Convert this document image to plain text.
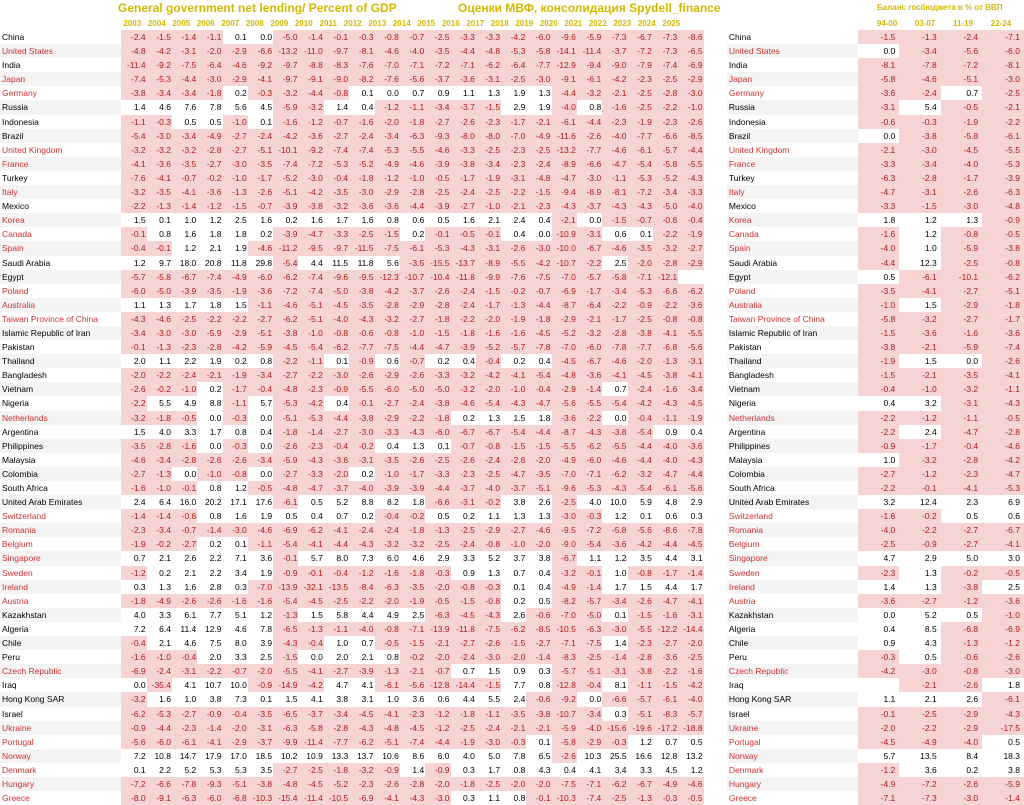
General government net lending/ Percent of GDP	Оценки МВФ, консолидация Spydell_finance	Баланс госбюджета в % от ВВП
2003 2004 2005 2006 2007 2008 2009 2010 2011 2012 2013 2014 2015 2016 2017 2018 2019 2020 2021 2022 2023 2024 2025	94-00	03-07	11-19	22-24
China	-2.4	-1.5	-1.4	-1.1	0.1	0.0	-5.0	-1.4	-0.1	-0.3	-0.8	-0.7	-2.5	-3.3	-3.3	-4.2	-6.0	-9.6	-5.9	-7.3	-6.7	-7.3	-8.6		China	-1.5	-1.3	-2.4	-7.1
United States	-4.8	-4.2	-3.1	-2.0	-2.9	-6.6	-13.2	-11.0	-9.7	-8.1	-4.6	-4.0	-3.5	-4.4	-4.8	-5.3	-5.8	-14.1	-11.4	-3.7	-7.2	-7.3	-6.5		United States	0.0	-3.4	-5.6	-6.0
India	-11.4	-9.2	-7.5	-6.4	-4.6	-9.2	-9.7	-8.8	-8.3	-7.6	-7.0	-7.1	-7.2	-7.1	-6.2	-6.4	-7.7	-12.9	-9.4	-9.0	-7.9	-7.4	-6.9		India	-8.1	-7.8	-7.2	-8.1
Japan	-7.4	-5.3	-4.4	-3.0	-2.9	-4.1	-9.7	-9.1	-9.0	-8.2	-7.6	-5.6	-3.7	-3.6	-3.1	-2.5	-3.0	-9.1	-6.1	-4.2	-2.3	-2.5	-2.9		Japan	-5.8	-4.6	-5.1	-3.0
Germany	-3.8	-3.4	-3.4	-1.8	0.2	-0.3	-3.2	-4.4	-0.8	0.1	0.0	0.7	0.9	1.1	1.3	1.9	1.3	-4.4	-3.2	-2.1	-2.5	-2.8	-3.0		Germany	-3.6	-2.4	0.7	-2.5
Russia	1.4	4.6	7.6	7.8	5.6	4.5	-5.9	-3.2	1.4	0.4	-1.2	-1.1	-3.4	-3.7	-1.5	2.9	1.9	-4.0	0.8	-1.6	-2.5	-2.2	-1.0		Russia	-3.1	5.4	-0.5	-2.1
Indonesia	-1.1	-0.3	0.5	0.5	-1.0	0.1	-1.6	-1.2	-0.7	-1.6	-2.0	-1.8	-2.7	-2.6	-2.3	-1.7	-2.1	-6.1	-4.4	-2.3	-1.9	-2.3	-2.6		Indonesia	-0.6	-0.3	-1.9	-2.2
Brazil	-5.4	-3.0	-3.4	-4.9	-2.7	-2.4	-4.2	-3.6	-2.7	-2.4	-3.4	-6.3	-9.3	-8.0	-8.0	-7.0	-4.9	-11.6	-2.6	-4.0	-7.7	-6.6	-8.5		Brazil	0.0	-3.8	-5.8	-6.1
United Kingdom	-3.2	-3.2	-3.2	-2.8	-2.7	-5.1	-10.1	-9.2	-7.4	-7.4	-5.3	-5.5	-4.6	-3.3	-2.5	-2.3	-2.5	-13.2	-7.7	-4.6	-6.1	-5.7	-4.4		United Kingdom	-2.1	-3.0	-4.5	-5.5
France	-4.1	-3.6	-3.5	-2.7	-3.0	-3.5	-7.4	-7.2	-5.3	-5.2	-4.9	-4.6	-3.9	-3.8	-3.4	-2.3	-2.4	-8.9	-6.6	-4.7	-5.4	-5.8	-5.5		France	-3.3	-3.4	-4.0	-5.3
Turkey	-7.6	-4.1	-0.7	-0.2	-1.0	-1.7	-5.2	-3.0	-0.4	-1.8	-1.2	-1.0	-0.5	-1.7	-1.9	-3.1	-4.8	-4.7	-3.0	-1.1	-5.3	-5.2	-4.3		Turkey	-6.3	-2.8	-1.7	-3.9
Italy	-3.2	-3.5	-4.1	-3.6	-1.3	-2.6	-5.1	-4.2	-3.5	-3.0	-2.9	-2.8	-2.5	-2.4	-2.5	-2.2	-1.5	-9.4	-8.9	-8.1	-7.2	-3.4	-3.3		Italy	-4.7	-3.1	-2.6	-6.3
Mexico	-2.2	-1.3	-1.4	-1.2	-1.5	-0.7	-3.9	-3.8	-3.2	-3.6	-3.6	-4.4	-3.9	-2.7	-1.0	-2.1	-2.3	-4.3	-3.7	-4.3	-4.3	-5.0	-4.0		Mexico	-3.3	-1.5	-3.0	-4.8
Korea	1.5	0.1	1.0	1.2	2.5	1.6	0.2	1.6	1.7	1.6	0.8	0.6	0.5	1.6	2.1	2.4	0.4	-2.1	0.0	-1.5	-0.7	-0.6	-0.4		Korea	1.8	1.2	1.3	-0.9
Canada	-0.1	0.8	1.6	1.8	1.8	0.2	-3.9	-4.7	-3.3	-2.5	-1.5	0.2	-0.1	-0.5	-0.1	0.4	0.0	-10.9	-3.1	0.6	0.1	-2.2	-1.9		Canada	-1.6	1.2	-0.8	-0.5
Spain	-0.4	-0.1	1.2	2.1	1.9	-4.6	-11.2	-9.5	-9.7	-11.5	-7.5	-6.1	-5.3	-4.3	-3.1	-2.6	-3.0	-10.0	-6.7	-4.6	-3.5	-3.2	-2.7		Spain	-4.0	1.0	-5.9	-3.8
Saudi Arabia	1.2	9.7	18.0	20.8	11.8	29.8	-5.4	4.4	11.5	11.8	5.6	-3.5	-15.5	-13.7	-8.9	-5.5	-4.2	-10.7	-2.2	2.5	-2.0	-2.8	-2.9		Saudi Arabia	-4.4	12.3	-2.5	-0.8
Egypt	-5.7	-5.8	-6.7	-7.4	-4.9	-6.0	-6.2	-7.4	-9.6	-9.5	-12.3	-10.7	-10.4	-11.8	-9.9	-7.6	-7.5	-7.0	-5.7	-5.8	-7.1	-12.1			Egypt	0.5	-6.1	-10.1	-6.2
Poland	-6.0	-5.0	-3.9	-3.5	-1.9	-3.6	-7.2	-7.4	-5.0	-3.8	-4.2	-3.7	-2.6	-2.4	-1.5	-0.2	-0.7	-6.9	-1.7	-3.4	-5.3	-6.6	-6.2		Poland	-3.5	-4.1	-2.7	-5.1
Australia	1.1	1.3	1.7	1.8	1.5	-1.1	-4.6	-5.1	-4.5	-3.5	-2.8	-2.9	-2.8	-2.4	-1.7	-1.3	-4.4	-8.7	-6.4	-2.2	-0.9	-2.2	-3.6		Australia	-1.0	1.5	-2.9	-1.8
Taiwan Province of China	-4.3	-4.6	-2.5	-2.2	-2.2	-2.7	-6.2	-5.1	-4.0	-4.3	-3.2	-2.7	-1.8	-2.2	-2.0	-1.9	-1.8	-2.9	-2.1	-1.7	-2.5	-0.8	-0.8		Taiwan Province of China	-5.8	-3.2	-2.7	-1.7
Islamic Republic of Iran	-3.4	-3.0	-3.0	-5.9	-2.9	-5.1	-3.8	-1.0	-0.8	-0.6	-0.8	-1.0	-1.5	-1.8	-1.6	-1.6	-4.5	-5.2	-3.2	-2.8	-3.8	-4.1	-5.5		Islamic Republic of Iran	-1.5	-3.6	-1.6	-3.6
Pakistan	-0.1	-1.3	-2.3	-2.8	-4.2	-5.9	-4.5	-5.4	-6.2	-7.7	-7.5	-4.4	-4.7	-3.9	-5.2	-5.7	-7.8	-7.0	-6.0	-7.8	-7.7	-6.8	-5.6		Pakistan	-3.8	-2.1	-5.9	-7.4
Thailand	2.0	1.1	2.2	1.9	0.2	0.8	-2.2	-1.1	0.1	-0.9	0.6	-0.7	0.2	0.4	-0.4	0.2	0.4	-4.5	-6.7	-4.6	-2.0	-1.3	-3.1		Thailand	-1.9	1.5	0.0	-2.6
Bangladesh	-2.0	-2.2	-2.4	-2.1	-1.9	-3.4	-2.7	-2.2	-3.0	-2.6	-2.9	-2.6	-3.3	-3.2	-4.2	-4.1	-5.4	-4.8	-3.6	-4.1	-4.5	-3.8	-4.1		Bangladesh	-1.5	-2.1	-3.5	-4.1
Vietnam	-2.6	-0.2	-1.0	0.2	-1.7	-0.4	-4.8	-2.3	-0.9	-5.5	-6.0	-5.0	-5.0	-3.2	-2.0	-1.0	-0.4	-2.9	-1.4	0.7	-2.4	-1.6	-3.4		Vietnam	-0.4	-1.0	-3.2	-1.1
Nigeria	-2.2	5.5	4.9	8.8	-1.1	5.7	-5.3	-4.2	0.4	-0.1	-2.7	-2.4	-3.8	-4.6	-5.4	-4.3	-4.7	-5.6	-5.5	-5.4	-4.2	-4.3	-4.5		Nigeria	0.4	3.2	-3.1	-4.3
Netherlands	-3.2	-1.8	-0.5	0.0	-0.3	0.0	-5.1	-5.3	-4.4	-3.8	-2.9	-2.2	-1.8	0.2	1.3	1.5	1.8	-3.6	-2.2	0.0	-0.4	-1.1	-1.9		Netherlands	-2.2	-1.2	-1.1	-0.5
Argentina	1.5	4.0	3.3	1.7	0.8	0.4	-1.8	-1.4	-2.7	-3.0	-3.3	-4.3	-6.0	-6.7	-6.7	-5.4	-4.4	-8.7	-4.3	-3.8	-5.4	0.9	0.4		Argentina	-2.2	2.4	-4.7	-2.8
Philippines	-3.5	-2.8	-1.6	0.0	-0.3	0.0	-2.6	-2.3	-0.4	-0.2	0.4	1.3	0.1	-0.7	-0.8	-1.5	-1.5	-5.5	-6.2	-5.5	-4.4	-4.0	-3.6		Philippines	-0.9	-1.7	-0.4	-4.6
Malaysia	-4.6	-3.4	-2.8	-2.6	-2.6	-3.4	-5.9	-4.3	-3.6	-3.1	-3.5	-2.6	-2.5	-2.6	-2.4	-2.6	-2.0	-4.9	-6.0	-4.6	-4.4	-4.0	-4.3		Malaysia	1.0	-3.2	-2.8	-4.2
Colombia	-2.7	-1.3	0.0	-1.0	-0.8	0.0	-2.7	-3.3	-2.0	0.2	-1.0	-1.7	-3.3	-2.3	-2.5	-4.7	-3.5	-7.0	-7.1	-6.2	-3.2	-4.7	-4.4		Colombia	-2.7	-1.2	-2.3	-4.7
South Africa	-1.6	-1.0	-0.1	0.8	1.2	-0.5	-4.8	-4.7	-3.7	-4.0	-3.9	-3.9	-4.4	-3.7	-4.0	-3.7	-5.1	-9.6	-5.3	-4.3	-5.4	-6.1	-5.6		South Africa	-2.2	-0.1	-4.1	-5.3
United Arab Emirates	2.4	6.4	16.0	20.2	17.1	17.6	-6.1	0.5	5.2	8.8	8.2	1.8	-6.6	-3.1	-0.2	3.8	2.6	-2.5	4.0	10.0	5.9	4.8	2.9		United Arab Emirates	3.2	12.4	2.3	6.9
Switzerland	-1.4	-1.4	-0.6	0.8	1.6	1.9	0.5	0.4	0.7	0.2	-0.4	-0.2	0.5	0.2	1.1	1.3	1.3	-3.0	-0.3	1.2	0.1	0.6	0.3		Switzerland	-1.6	-0.2	0.5	0.6
Romania	-2.3	-3.4	-0.7	-1.4	-3.0	-4.6	-6.9	-6.2	-4.1	-2.4	-2.4	-1.8	-1.3	-2.5	-2.9	-2.7	-4.6	-9.5	-7.2	-5.8	-5.6	-8.6	-7.8		Romania	-4.0	-2.2	-2.7	-6.7
Belgium	-1.9	-0.2	-2.7	0.2	0.1	-1.1	-5.4	-4.1	-4.4	-4.3	-3.2	-3.2	-2.5	-2.4	-0.8	-1.0	-2.0	-9.0	-5.4	-3.6	-4.2	-4.4	-4.5		Belgium	-2.5	-0.9	-2.7	-4.1
Singapore	0.7	2.1	2.6	2.2	7.1	3.6	-0.1	5.7	8.0	7.3	6.0	4.6	2.9	3.3	5.2	3.7	3.8	-6.7	1.1	1.2	3.5	4.4	3.1		Singapore	4.7	2.9	5.0	3.0
Sweden	-1.2	0.2	2.1	2.2	3.4	1.9	-0.9	-0.1	-0.4	-1.2	-1.6	-1.8	-0.3	0.9	1.3	0.7	0.4	-3.2	-0.1	1.0	-0.8	-1.7	-1.4		Sweden	-2.3	1.3	-0.2	-0.5
Ireland	0.3	1.3	1.6	2.8	0.3	-7.0	-13.9	-32.1	-13.5	-8.4	-6.3	-3.5	-2.0	-0.8	-0.3	0.1	0.4	-4.9	-1.4	1.7	1.5	4.4	1.7		Ireland	1.4	1.3	-3.8	2.5
Austria	-1.8	-4.9	-2.6	-2.6	-1.6	-1.6	-5.4	-4.5	-2.5	-2.2	-2.0	-1.9	-0.5	-1.5	-0.8	0.2	0.5	-8.2	-5.7	-3.4	-2.6	-4.7	-4.1		Austria	-3.6	-2.7	-1.2	-3.6
Kazakhstan	4.0	3.3	6.1	7.7	5.1	1.2	-1.3	1.5	5.8	4.4	4.9	2.5	-6.3	-4.5	-4.3	2.6	-0.6	-7.0	-5.0	0.1	-1.5	-1.6	-3.1		Kazakhstan	0.0	5.2	0.5	-1.0
Algeria	7.2	6.4	11.4	12.9	4.6	7.8	-6.5	-1.3	-1.1	-4.0	-0.8	-7.1	-13.9	-11.8	-7.5	-6.2	-8.5	-10.5	-6.3	-3.0	-5.5	-12.2	-14.4		Algeria	0.4	8.5	-6.8	-6.9
Chile	-0.4	2.1	4.6	7.5	8.0	3.9	-4.3	-0.4	1.0	0.7	-0.5	-1.5	-2.1	-2.7	-2.6	-1.5	-2.7	-7.1	-7.5	1.4	-2.3	-2.7	-2.0		Chile	0.9	4.3	-1.3	-1.2
Peru	-1.6	-1.0	-0.4	2.0	3.3	2.5	-1.5	0.0	2.0	2.1	0.8	-0.2	-2.0	-2.4	-3.0	-2.0	-1.4	-8.3	-2.5	-1.4	-2.8	-3.6	-2.5		Peru	-0.3	0.5	-0.6	-2.6
Czech Republic	-6.9	-2.4	-3.1	-2.2	-0.7	-2.0	-5.5	-4.1	-2.7	-3.9	-1.3	-2.1	-0.7	0.7	1.5	0.9	0.3	-5.7	-5.1	-3.1	-3.8	-2.2	-1.6		Czech Republic	-4.2	-3.0	-0.8	-3.0
Iraq	0.0	-35.4	4.1	10.7	10.0	-0.9	-14.9	-4.2	4.7	4.1	-6.1	-5.6	-12.8	-14.4	-1.5	7.7	0.8	-12.8	-0.4	8.1	-1.1	-1.5	-4.2		Iraq		-2.1	-2.6	1.8
Hong Kong SAR	-3.2	1.6	1.0	3.8	7.3	0.1	1.5	4.1	3.8	3.1	1.0	3.6	0.6	4.4	5.5	2.4	-0.6	-9.2	0.0	-6.6	-5.7	-6.1	-4.0		Hong Kong SAR	1.1	2.1	2.6	-6.1
Israel	-6.2	-5.3	-2.7	-0.9	-0.4	-3.5	-6.5	-3.7	-3.4	-4.5	-4.1	-2.3	-1.2	-1.8	-1.1	-3.5	-3.8	-10.7	-3.4	0.3	-5.1	-8.3	-5.7		Israel	-0.1	-2.5	-2.9	-4.3
Ukraine	-0.9	-4.4	-2.3	-1.4	-2.0	-3.1	-6.3	-5.8	-2.8	-4.3	-4.8	-4.5	-1.2	-2.5	-2.4	-2.1	-2.1	-5.9	-4.0	-15.6	-19.6	-17.2	-18.8		Ukraine	-2.0	-2.2	-2.9	-17.5
Portugal	-5.6	-6.0	-6.1	-4.1	-2.9	-3.7	-9.9	-11.4	-7.7	-6.2	-5.1	-7.4	-4.4	-1.9	-3.0	-0.3	0.1	-5.8	-2.9	-0.3	1.2	0.7	0.5		Portugal	-4.5	-4.9	-4.0	0.5
Norway	7.2	10.8	14.7	17.9	17.0	18.5	10.2	10.9	13.3	13.7	10.6	8.6	6.0	4.0	5.0	7.8	6.5	-2.6	10.3	25.5	16.6	12.8	13.2		Norway	5.7	13.5	8.4	18.3
Denmark	0.1	2.2	5.2	5.3	5.3	3.5	-2.7	-2.5	-1.8	-3.2	-0.9	1.4	-0.9	0.3	1.7	0.8	4.3	0.4	4.1	3.4	3.3	4.5	1.2		Denmark	-1.2	3.6	0.2	3.8
Hungary	-7.2	-6.6	-7.8	-9.3	-5.1	-3.8	-4.8	-4.5	-5.2	-2.3	-2.6	-2.8	-2.0	-1.8	-2.5	-2.0	-2.0	-7.5	-7.1	-6.2	-6.7	-4.9	-4.6		Hungary	-4.9	-7.2	-2.6	-5.9
Greece	-8.0	-9.1	-6.3	-6.0	-6.8	-10.3	-15.4	-11.4	-10.5	-6.9	-4.1	-4.3	-3.0	0.3	1.1	0.8	-0.1	-10.3	-7.4	-2.5	-1.3	-0.3	-0.5		Greece	-7.1	-7.3	-3.0	-1.4
